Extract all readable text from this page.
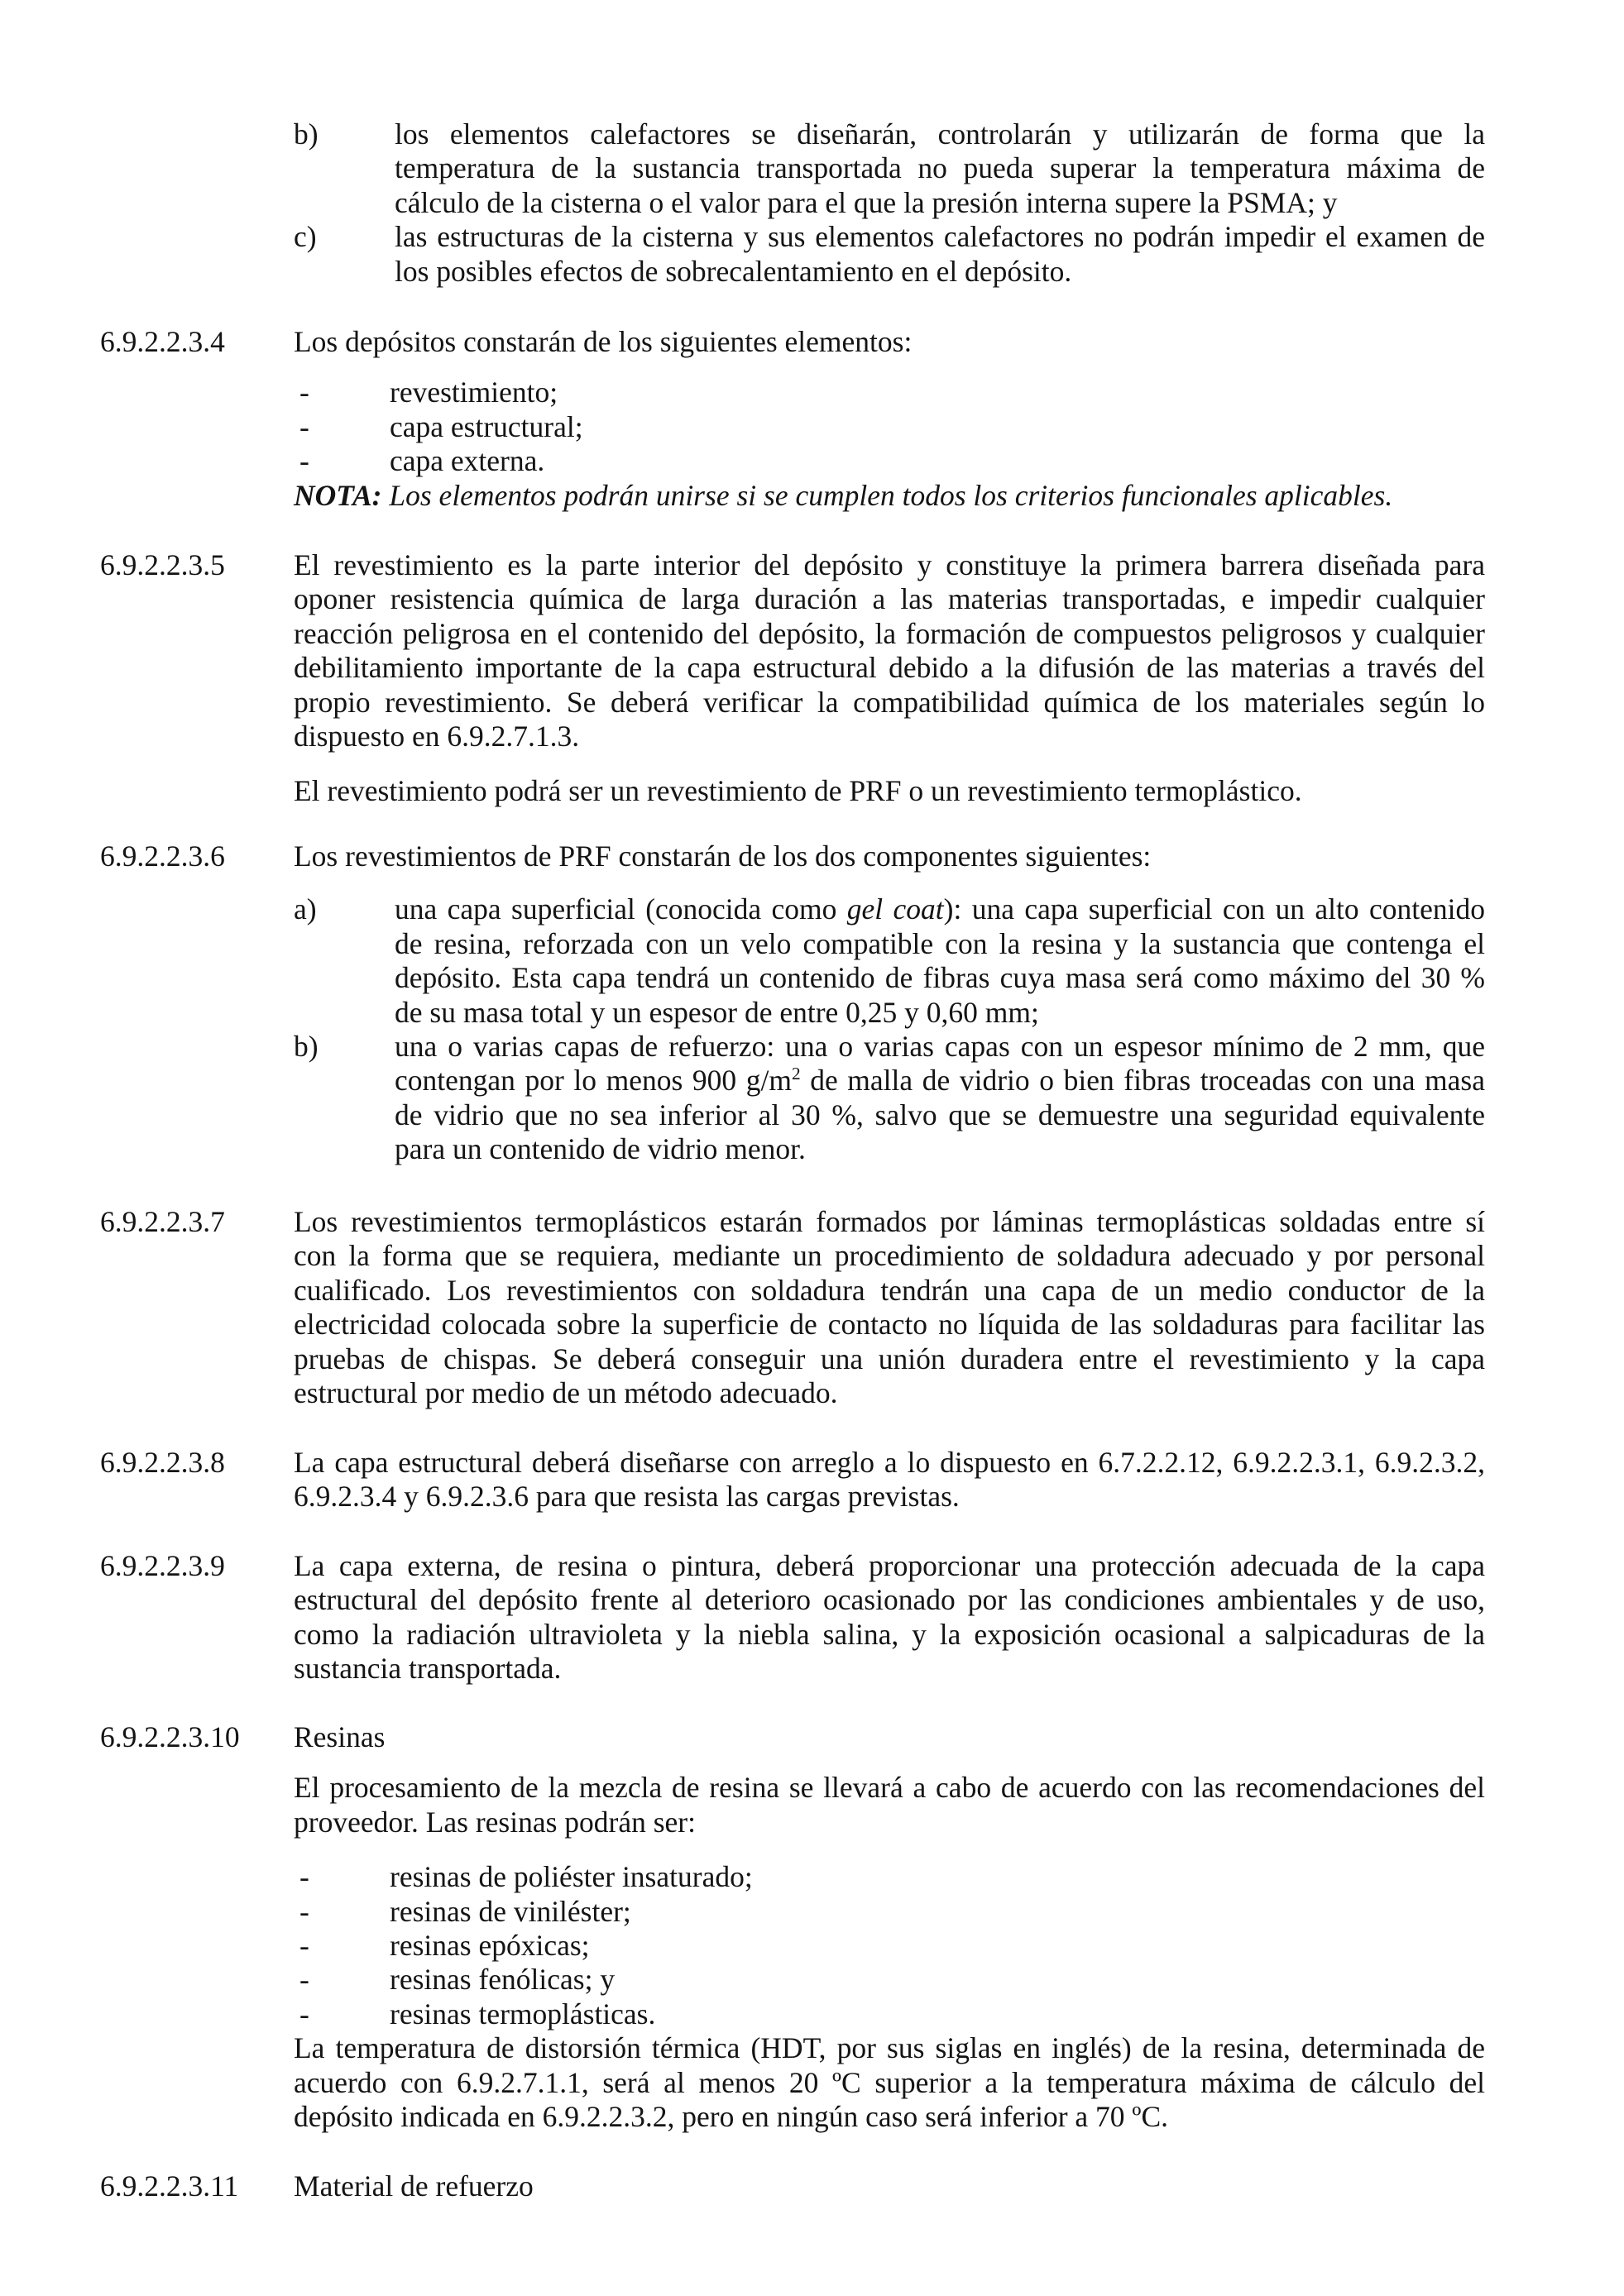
b)	los elementos calefactores se diseñarán, controlarán y utilizarán de forma que la
temperatura de la sustancia transportada no pueda superar la temperatura máxima de
cálculo de la cisterna o el valor para el que la presión interna supere la PSMA; y
c)	las estructuras de la cisterna y sus elementos calefactores no podrán impedir el examen de
los posibles efectos de sobrecalentamiento en el depósito.
6.9.2.2.3.4 Los depósitos constarán de los siguientes elementos:
-	revestimiento;
-	capa estructural;
-	capa externa.
NOTA: Los elementos podrán unirse si se cumplen todos los criterios funcionales aplicables.
6.9.2.2.3.5 El revestimiento es la parte interior del depósito y constituye la primera barrera diseñada para
oponer resistencia química de larga duración a las materias transportadas, e impedir cualquier
reacción peligrosa en el contenido del depósito, la formación de compuestos peligrosos y cualquier
debilitamiento importante de la capa estructural debido a la difusión de las materias a través del
propio revestimiento. Se deberá verificar la compatibilidad química de los materiales según lo
dispuesto en 6.9.2.7.1.3.
El revestimiento podrá ser un revestimiento de PRF o un revestimiento termoplástico.
6.9.2.2.3.6 Los revestimientos de PRF constarán de los dos componentes siguientes:
a)	una capa superficial (conocida como gel coat): una capa superficial con un alto contenido
de resina, reforzada con un velo compatible con la resina y la sustancia que contenga el
depósito. Esta capa tendrá un contenido de fibras cuya masa será como máximo del 30 %
de su masa total y un espesor de entre 0,25 y 0,60 mm;
b)	una o varias capas de refuerzo: una o varias capas con un espesor mínimo de 2 mm, que
contengan por lo menos 900 $g/m^2$ de malla de vidrio o bien fibras troceadas con una masa
de vidrio que no sea inferior al 30 %, salvo que se demuestre una seguridad equivalente
para un contenido de vidrio menor.
6.9.2.2.3.7 Los revestimientos termoplásticos estarán formados por láminas termoplásticas soldadas entre sí
con la forma que se requiera, mediante un procedimiento de soldadura adecuado y por personal
cualificado. Los revestimientos con soldadura tendrán una capa de un medio conductor de la
electricidad colocada sobre la superficie de contacto no líquida de las soldaduras para facilitar las
pruebas de chispas. Se deberá conseguir una unión duradera entre el revestimiento y la capa
estructural por medio de un método adecuado.
6.9.2.2.3.8 La capa estructural deberá diseñarse con arreglo a lo dispuesto en 6.7.2.2.12, 6.9.2.2.3.1, 6.9.2.3.2,
6.9.2.3.4 y 6.9.2.3.6 para que resista las cargas previstas.
6.9.2.2.3.9 La capa externa, de resina o pintura, deberá proporcionar una protección adecuada de la capa
estructural del depósito frente al deterioro ocasionado por las condiciones ambientales y de uso,
como la radiación ultravioleta y la niebla salina, y la exposición ocasional a salpicaduras de la
sustancia transportada.
6.9.2.2.3.10 Resinas
El procesamiento de la mezcla de resina se llevará a cabo de acuerdo con las recomendaciones del
proveedor. Las resinas podrán ser:
-	resinas de poliéster insaturado;
-	resinas de viniléster;
-	resinas epóxicas;
-	resinas fenólicas; y
-	resinas termoplásticas.
La temperatura de distorsión térmica (HDT, por sus siglas en inglés) de la resina, determinada de
acuerdo con 6.9.2.7.1.1, será al menos 20 ºC superior a la temperatura máxima de cálculo del
depósito indicada en 6.9.2.2.3.2, pero en ningún caso será inferior a 70 ºC.
6.9.2.2.3.11 Material de refuerzo
